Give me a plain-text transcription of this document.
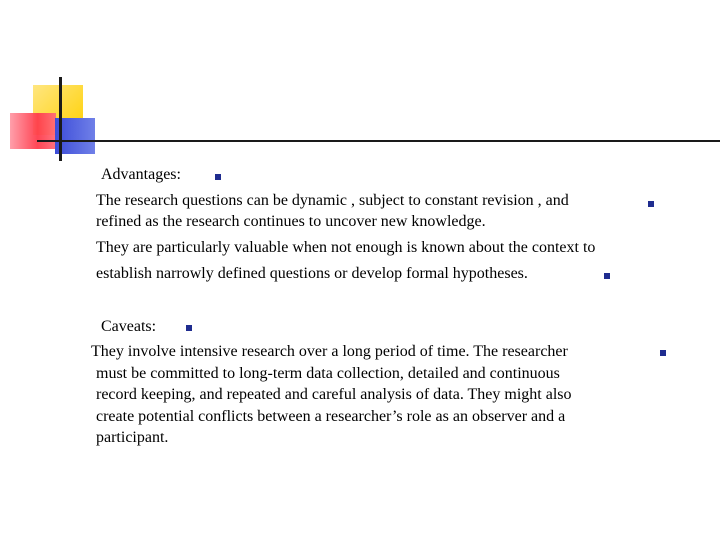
Advantages:
The research questions can be dynamic , subject to constant revision , and
refined as the research continues to uncover new knowledge.
They are particularly valuable when not enough is known about the context to
establish narrowly defined questions or develop formal hypotheses.
Caveats:
They involve intensive research over a long period of time. The researcher
must be committed to long-term data collection, detailed and continuous
record keeping, and repeated and careful analysis of data. They might also
create potential conflicts between a researcher’s role as an observer and a
participant.
